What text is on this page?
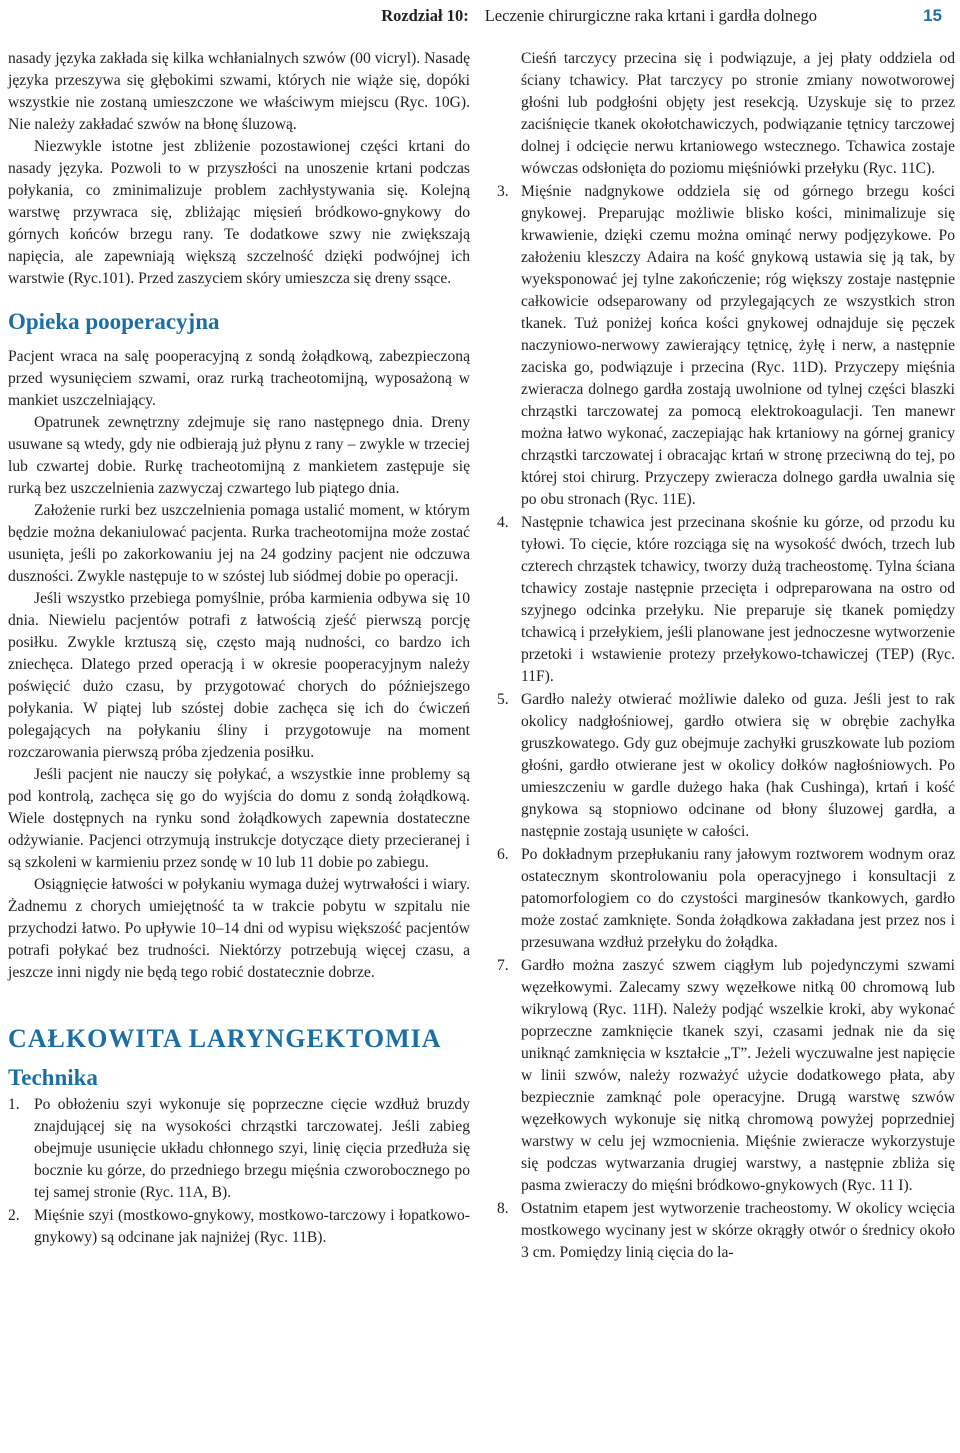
Rozdział 10: Leczenie chirurgiczne raka krtani i gardła dolnego	15

nasady języka zakłada się kilka wchłanialnych szwów (00 vicryl). Nasadę języka przeszywa się głębokimi szwami, których nie wiąże się, dopóki wszystkie nie zostaną umieszczone we właściwym miejscu (Ryc. 10G). Nie należy zakładać szwów na błonę śluzową.

Niezwykle istotne jest zbliżenie pozostawionej części krtani do nasady języka. Pozwoli to w przyszłości na unoszenie krtani podczas połykania, co zminimalizuje problem zachłystywania się. Kolejną warstwę przywraca się, zbliżając mięsień bródkowo-gnykowy do górnych końców brzegu rany. Te dodatkowe szwy nie zwiększają napięcia, ale zapewniają większą szczelność dzięki podwójnej ich warstwie (Ryc.101). Przed zaszyciem skóry umieszcza się dreny ssące.

Opieka pooperacyjna

Pacjent wraca na salę pooperacyjną z sondą żołądkową, zabezpieczoną przed wysunięciem szwami, oraz rurką tracheotomijną, wyposażoną w mankiet uszczelniający.

Opatrunek zewnętrzny zdejmuje się rano następnego dnia. Dreny usuwane są wtedy, gdy nie odbierają już płynu z rany – zwykle w trzeciej lub czwartej dobie. Rurkę tracheotomijną z mankietem zastępuje się rurką bez uszczelnienia zazwyczaj czwartego lub piątego dnia.

Założenie rurki bez uszczelnienia pomaga ustalić moment, w którym będzie można dekaniulować pacjenta. Rurka tracheotomijna może zostać usunięta, jeśli po zakorkowaniu jej na 24 godziny pacjent nie odczuwa duszności. Zwykle następuje to w szóstej lub siódmej dobie po operacji.

Jeśli wszystko przebiega pomyślnie, próba karmienia odbywa się 10 dnia. Niewielu pacjentów potrafi z łatwością zjeść pierwszą porcję posiłku. Zwykle krztuszą się, często mają nudności, co bardzo ich zniechęca. Dlatego przed operacją i w okresie pooperacyjnym należy poświęcić dużo czasu, by przygotować chorych do późniejszego połykania. W piątej lub szóstej dobie zachęca się ich do ćwiczeń polegających na połykaniu śliny i przygotowuje na moment rozczarowania pierwszą próba zjedzenia posiłku.

Jeśli pacjent nie nauczy się połykać, a wszystkie inne problemy są pod kontrolą, zachęca się go do wyjścia do domu z sondą żołądkową. Wiele dostępnych na rynku sond żołądkowych zapewnia dostateczne odżywianie. Pacjenci otrzymują instrukcje dotyczące diety przecieranej i są szkoleni w karmieniu przez sondę w 10 lub 11 dobie po zabiegu.

Osiągnięcie łatwości w połykaniu wymaga dużej wytrwałości i wiary. Żadnemu z chorych umiejętność ta w trakcie pobytu w szpitalu nie przychodzi łatwo. Po upływie 10–14 dni od wypisu większość pacjentów potrafi połykać bez trudności. Niektórzy potrzebują więcej czasu, a jeszcze inni nigdy nie będą tego robić dostatecznie dobrze.

CAŁKOWITA LARYNGEKTOMIA
Technika
1. Po obłożeniu szyi wykonuje się poprzeczne cięcie wzdłuż bruzdy znajdującej się na wysokości chrząstki tarczowatej. Jeśli zabieg obejmuje usunięcie układu chłonnego szyi, linię cięcia przedłuża się bocznie ku górze, do przedniego brzegu mięśnia czworobocznego po tej samej stronie (Ryc. 11A, B).
2. Mięśnie szyi (mostkowo-gnykowy, mostkowo-tarczowy i łopatkowo-gnykowy) są odcinane jak najniżej (Ryc. 11B).
Cieśń tarczycy przecina się i podwiązuje, a jej płaty oddziela od ściany tchawicy. Płat tarczycy po stronie zmiany nowotworowej głośni lub podgłośni objęty jest resekcją. Uzyskuje się to przez zaciśnięcie tkanek okołotchawiczych, podwiązanie tętnicy tarczowej dolnej i odcięcie nerwu krtaniowego wstecznego. Tchawica zostaje wówczas odsłonięta do poziomu mięśniówki przełyku (Ryc. 11C).
3. Mięśnie nadgnykowe oddziela się od górnego brzegu kości gnykowej. Preparując możliwie blisko kości, minimalizuje się krwawienie, dzięki czemu można ominąć nerwy podjęzykowe. Po założeniu kleszczy Adaira na kość gnykową ustawia się ją tak, by wyeksponować jej tylne zakończenie; róg większy zostaje następnie całkowicie odseparowany od przylegających ze wszystkich stron tkanek. Tuż poniżej końca kości gnykowej odnajduje się pęczek naczyniowo-nerwowy zawierający tętnicę, żyłę i nerw, a następnie zaciska go, podwiązuje i przecina (Ryc. 11D). Przyczepy mięśnia zwieracza dolnego gardła zostają uwolnione od tylnej części blaszki chrząstki tarczowatej za pomocą elektrokoagulacji. Ten manewr można łatwo wykonać, zaczepiając hak krtaniowy na górnej granicy chrząstki tarczowatej i obracając krtań w stronę przeciwną do tej, po której stoi chirurg. Przyczepy zwieracza dolnego gardła uwalnia się po obu stronach (Ryc. 11E).
4. Następnie tchawica jest przecinana skośnie ku górze, od przodu ku tyłowi. To cięcie, które rozciąga się na wysokość dwóch, trzech lub czterech chrząstek tchawicy, tworzy dużą tracheostomę. Tylna ściana tchawicy zostaje następnie przecięta i odpreparowana na ostro od szyjnego odcinka przełyku. Nie preparuje się tkanek pomiędzy tchawicą i przełykiem, jeśli planowane jest jednoczesne wytworzenie przetoki i wstawienie protezy przełykowo-tchawiczej (TEP) (Ryc. 11F).
5. Gardło należy otwierać możliwie daleko od guza. Jeśli jest to rak okolicy nadgłośniowej, gardło otwiera się w obrębie zachyłka gruszkowatego. Gdy guz obejmuje zachyłki gruszkowate lub poziom głośni, gardło otwierane jest w okolicy dołków nagłośniowych. Po umieszczeniu w gardle dużego haka (hak Cushinga), krtań i kość gnykowa są stopniowo odcinane od błony śluzowej gardła, a następnie zostają usunięte w całości.
6. Po dokładnym przepłukaniu rany jałowym roztworem wodnym oraz ostatecznym skontrolowaniu pola operacyjnego i konsultacji z patomorfologiem co do czystości marginesów tkankowych, gardło może zostać zamknięte. Sonda żołądkowa zakładana jest przez nos i przesuwana wzdłuż przełyku do żołądka.
7. Gardło można zaszyć szwem ciągłym lub pojedynczymi szwami węzełkowymi. Zalecamy szwy węzełkowe nitką 00 chromową lub wikrylową (Ryc. 11H). Należy podjąć wszelkie kroki, aby wykonać poprzeczne zamknięcie tkanek szyi, czasami jednak nie da się uniknąć zamknięcia w kształcie „T”. Jeżeli wyczuwalne jest napięcie w linii szwów, należy rozważyć użycie dodatkowego płata, aby bezpiecznie zamknąć pole operacyjne. Drugą warstwę szwów węzełkowych wykonuje się nitką chromową powyżej poprzedniej warstwy w celu jej wzmocnienia. Mięśnie zwieracze wykorzystuje się podczas wytwarzania drugiej warstwy, a następnie zbliża się pasma zwieraczy do mięśni bródkowo-gnykowych (Ryc. 11 I).
8. Ostatnim etapem jest wytworzenie tracheostomy. W okolicy wcięcia mostkowego wycinany jest w skórze okrągły otwór o średnicy około 3 cm. Pomiędzy linią cięcia do la-
